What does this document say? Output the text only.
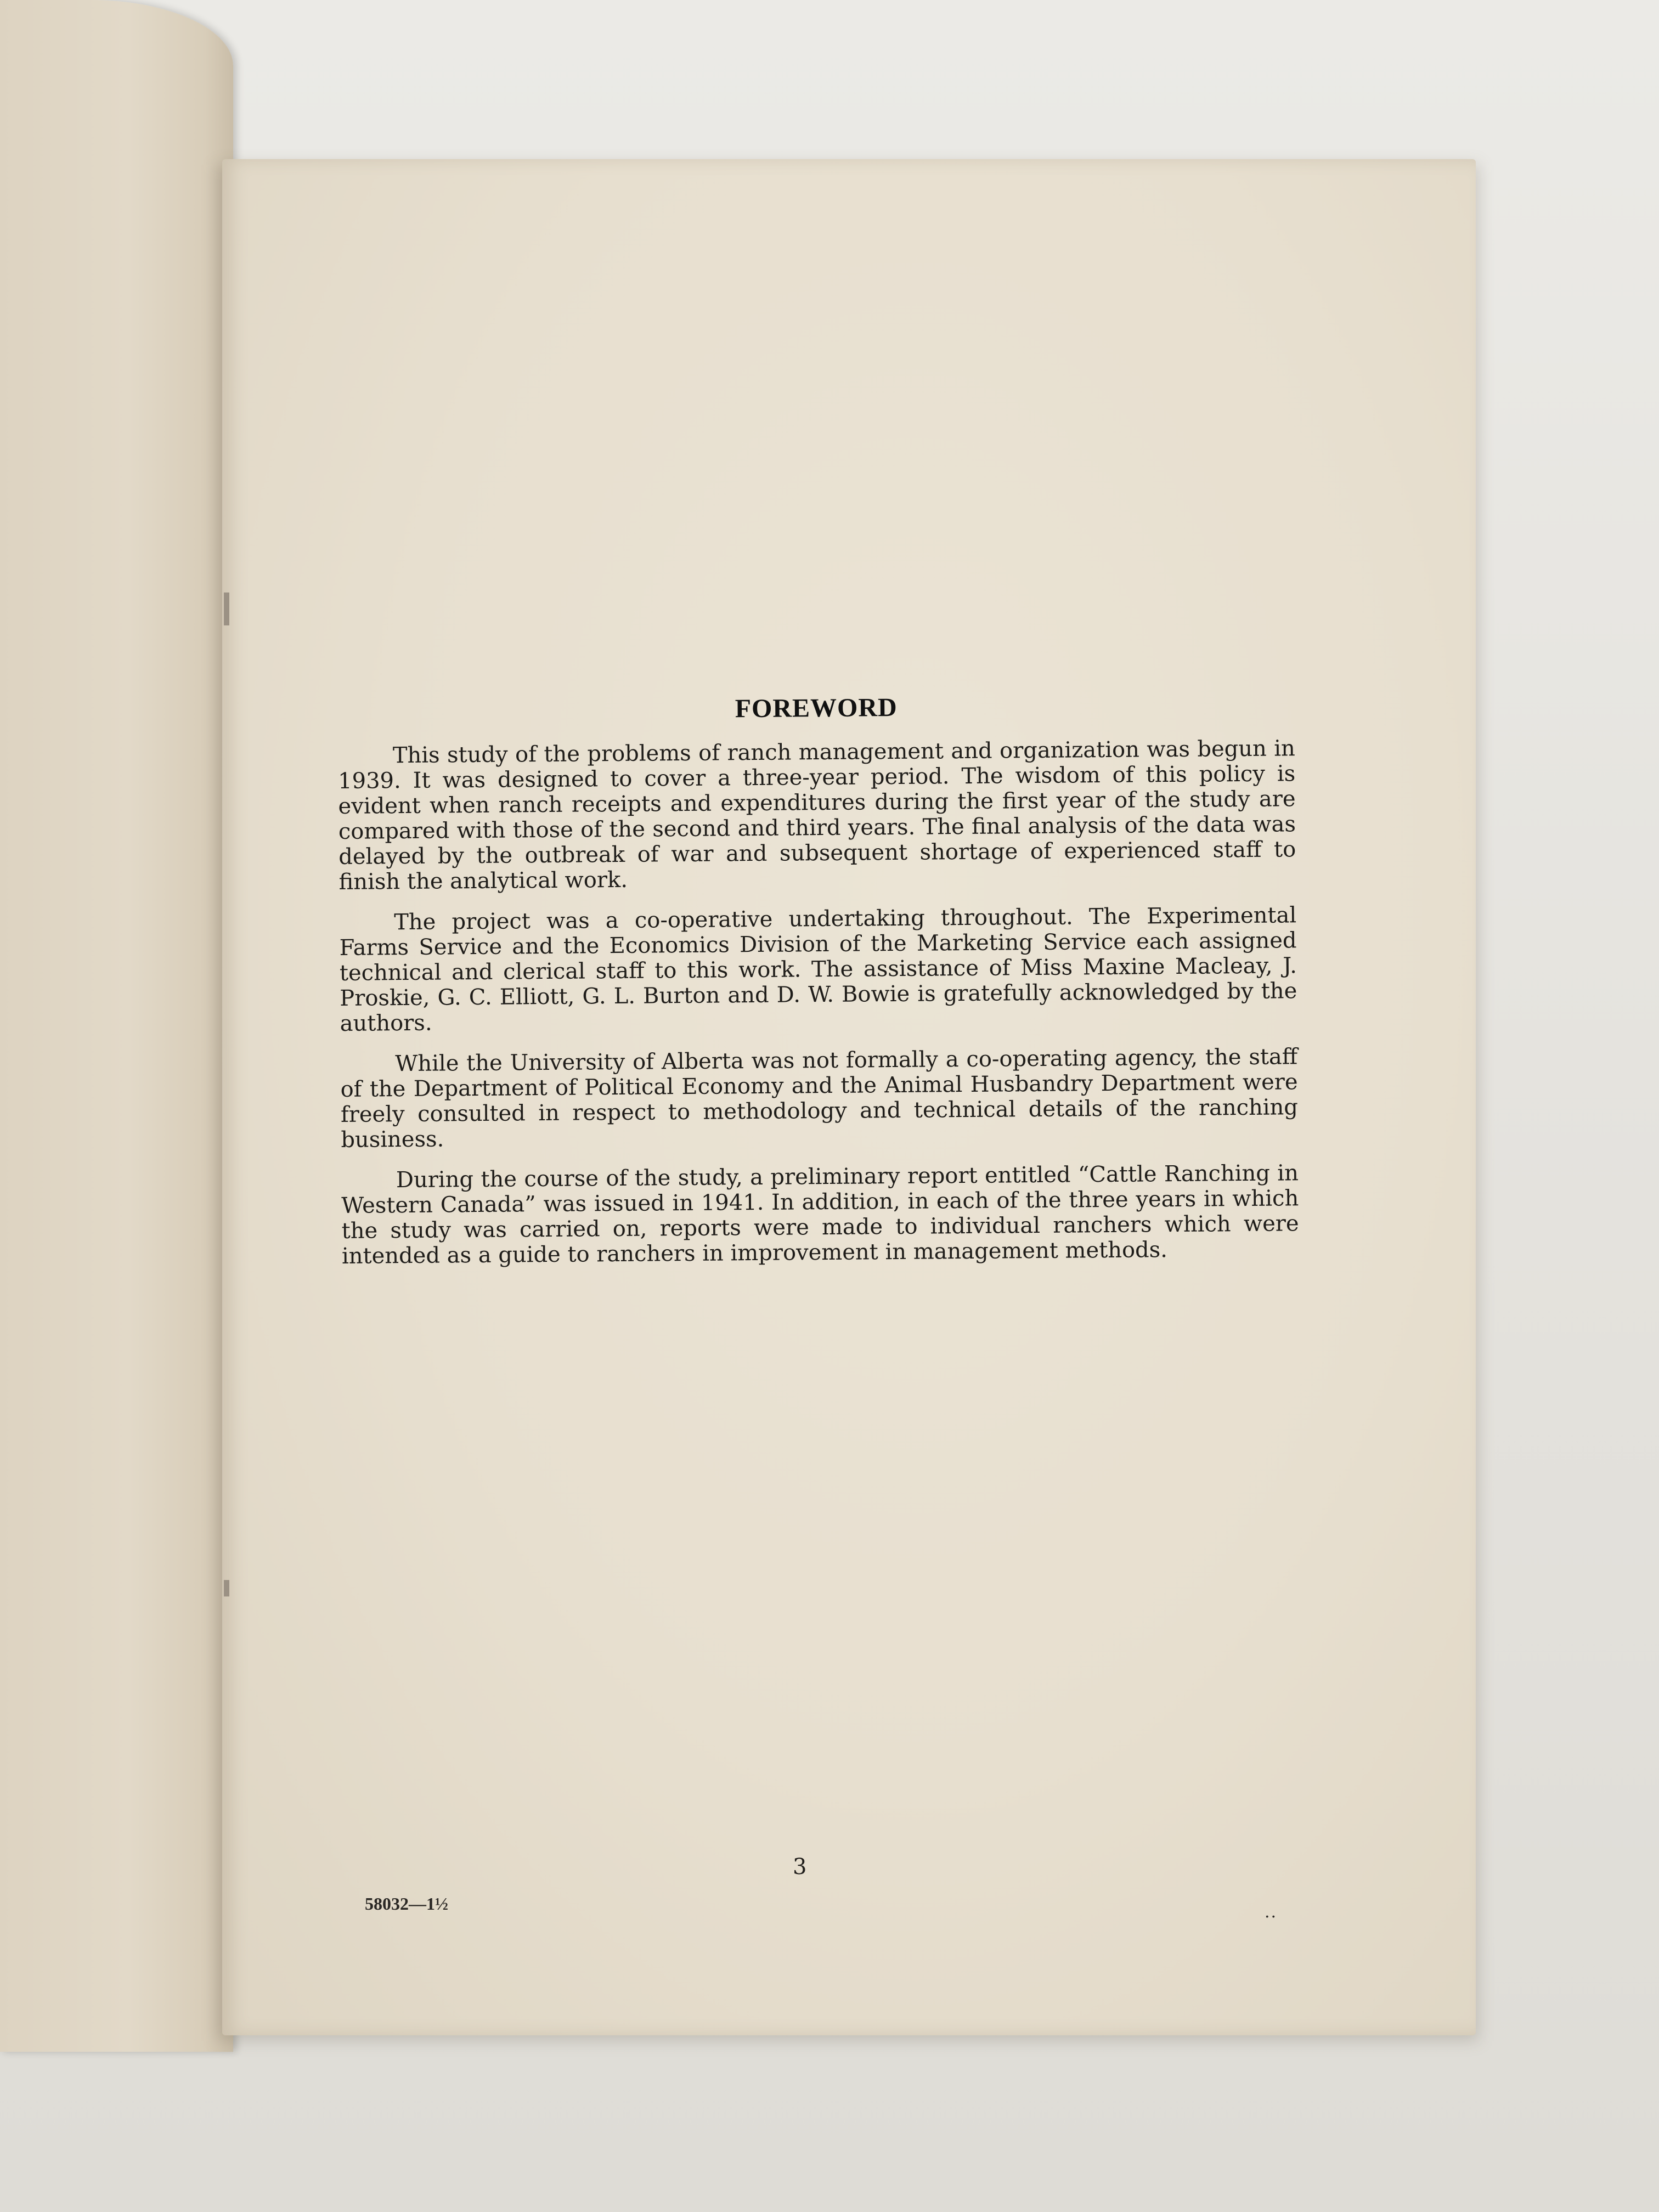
FOREWORD

This study of the problems of ranch management and organization was begun in 1939. It was designed to cover a three-year period. The wisdom of this policy is evident when ranch receipts and expenditures during the first year of the study are compared with those of the second and third years. The final analysis of the data was delayed by the outbreak of war and subsequent shortage of experienced staff to finish the analytical work.

The project was a co-operative undertaking throughout. The Experimental Farms Service and the Economics Division of the Marketing Service each assigned technical and clerical staff to this work. The assistance of Miss Maxine Macleay, J. Proskie, G. C. Elliott, G. L. Burton and D. W. Bowie is gratefully acknowledged by the authors.

While the University of Alberta was not formally a co-operating agency, the staff of the Department of Political Economy and the Animal Husbandry Department were freely consulted in respect to methodology and technical details of the ranching business.

During the course of the study, a preliminary report entitled “Cattle Ranching in Western Canada” was issued in 1941. In addition, in each of the three years in which the study was carried on, reports were made to individual ranchers which were intended as a guide to ranchers in improvement in management methods.

3
58032—1½	..
